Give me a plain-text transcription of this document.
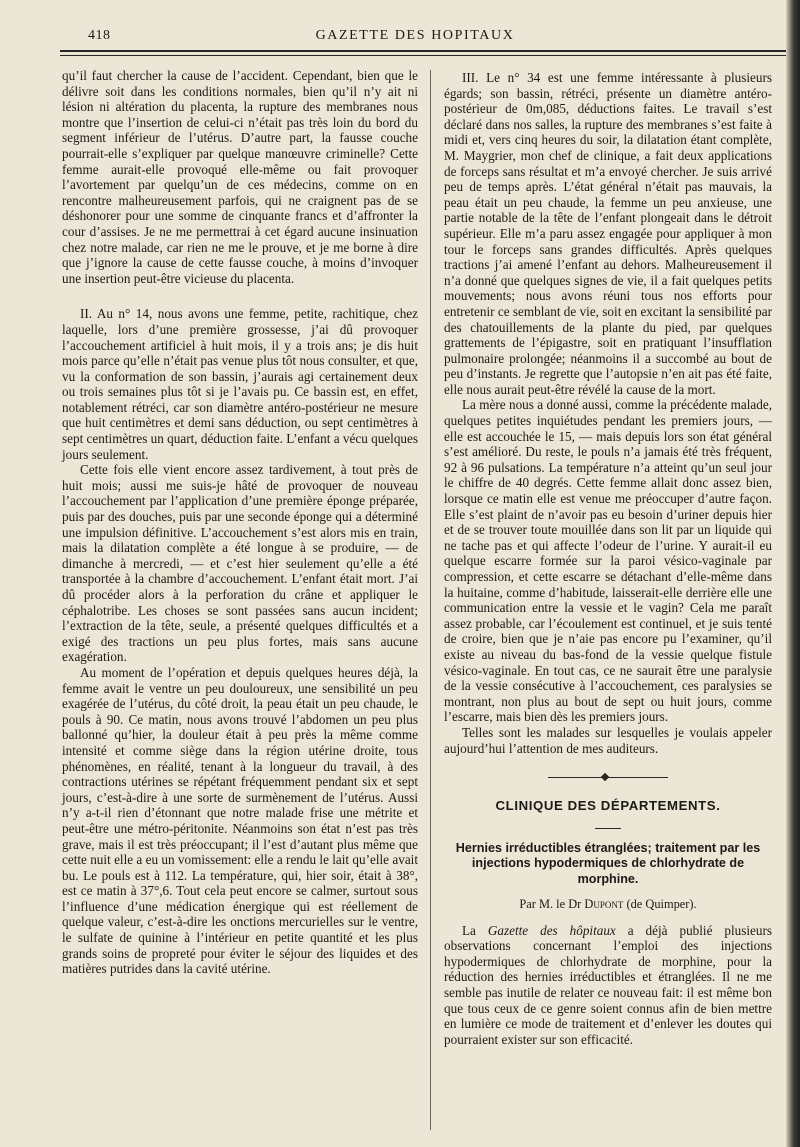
418	GAZETTE DES HOPITAUX

qu’il faut chercher la cause de l’accident. Cependant, bien que le délivre soit dans les conditions normales, bien qu’il n’y ait ni lésion ni altération du placenta, la rupture des membranes nous montre que l’insertion de celui-ci n’était pas très loin du bord du segment inférieur de l’utérus. D’autre part, la fausse couche pourrait-elle s’expliquer par quelque manœuvre criminelle? Cette femme aurait-elle provoqué elle-même ou fait provoquer l’avortement par quelqu’un de ces médecins, comme on en rencontre malheureusement parfois, qui ne craignent pas de se déshonorer pour une somme de cinquante francs et d’affronter la cour d’assises. Je ne me permettrai à cet égard aucune insinuation chez notre malade, car rien ne me le prouve, et je me borne à dire que j’ignore la cause de cette fausse couche, à moins d’invoquer une insertion peut-être vicieuse du placenta.

II. Au n° 14, nous avons une femme, petite, rachitique, chez laquelle, lors d’une première grossesse, j’ai dû provoquer l’accouchement artificiel à huit mois, il y a trois ans; je dis huit mois parce qu’elle n’était pas venue plus tôt nous consulter, et que, vu la conformation de son bassin, j’aurais agi certainement deux ou trois semaines plus tôt si je l’avais pu. Ce bassin est, en effet, notablement rétréci, car son diamètre antéro-postérieur ne mesure que huit centimètres et demi sans déduction, ou sept centimètres à sept centimètres un quart, déduction faite. L’enfant a vécu quelques jours seulement.

Cette fois elle vient encore assez tardivement, à tout près de huit mois; aussi me suis-je hâté de provoquer de nouveau l’accouchement par l’application d’une première éponge préparée, puis par des douches, puis par une seconde éponge qui a déterminé une impulsion définitive. L’accouchement s’est alors mis en train, mais la dilatation complète a été longue à se produire, — de dimanche à mercredi, — et c’est hier seulement qu’elle a été transportée à la chambre d’accouchement. L’enfant était mort. J’ai dû procéder alors à la perforation du crâne et appliquer le céphalotribe. Les choses se sont passées sans aucun incident; l’extraction de la tête, seule, a présenté quelques difficultés et a exigé des tractions un peu plus fortes, mais sans aucune exagération.

Au moment de l’opération et depuis quelques heures déjà, la femme avait le ventre un peu douloureux, une sensibilité un peu exagérée de l’utérus, du côté droit, la peau était un peu chaude, le pouls à 90. Ce matin, nous avons trouvé l’abdomen un peu plus ballonné qu’hier, la douleur était à peu près la même comme intensité et comme siège dans la région utérine droite, tous phénomènes, en réalité, tenant à la longueur du travail, à des contractions utérines se répétant fréquemment pendant six et sept jours, c’est-à-dire à une sorte de surmènement de l’utérus. Aussi n’y a-t-il rien d’étonnant que notre malade frise une métrite et peut-être une métro-péritonite. Néanmoins son état n’est pas très grave, mais il est très préoccupant; il l’est d’autant plus même que cette nuit elle a eu un vomissement: elle a rendu le lait qu’elle avait bu. Le pouls est à 112. La température, qui, hier soir, était à 38°, est ce matin à 37°,6. Tout cela peut encore se calmer, surtout sous l’influence d’une médication énergique qui est réellement de quelque valeur, c’est-à-dire les onctions mercurielles sur le ventre, le sulfate de quinine à l’intérieur en petite quantité et les plus grands soins de propreté pour éviter le séjour des liquides et des matières putrides dans la cavité utérine.

III. Le n° 34 est une femme intéressante à plusieurs égards; son bassin, rétréci, présente un diamètre antéro-postérieur de 0m,085, déductions faites. Le travail s’est déclaré dans nos salles, la rupture des membranes s’est faite à midi et, vers cinq heures du soir, la dilatation étant complète, M. Maygrier, mon chef de clinique, a fait deux applications de forceps sans résultat et m’a envoyé chercher. Je suis arrivé peu de temps après. L’état général n’était pas mauvais, la peau était un peu chaude, la femme un peu anxieuse, une partie notable de la tête de l’enfant plongeait dans le détroit supérieur. Elle m’a paru assez engagée pour appliquer à mon tour le forceps sans grandes difficultés. Après quelques tractions j’ai amené l’enfant au dehors. Malheureusement il n’a donné que quelques signes de vie, il a fait quelques petits mouvements; nous avons réuni tous nos efforts pour entretenir ce semblant de vie, soit en excitant la sensibilité par des chatouillements de la plante du pied, par quelques grattements de l’épigastre, soit en pratiquant l’insufflation pulmonaire prolongée; néanmoins il a succombé au bout de peu d’instants. Je regrette que l’autopsie n’en ait pas été faite, elle nous aurait peut-être révélé la cause de la mort.

La mère nous a donné aussi, comme la précédente malade, quelques petites inquiétudes pendant les premiers jours, — elle est accouchée le 15, — mais depuis lors son état général s’est amélioré. Du reste, le pouls n’a jamais été très fréquent, 92 à 96 pulsations. La température n’a atteint qu’un seul jour le chiffre de 40 degrés. Cette femme allait donc assez bien, lorsque ce matin elle est venue me préoccuper d’autre façon. Elle s’est plaint de n’avoir pas eu besoin d’uriner depuis hier et de se trouver toute mouillée dans son lit par un liquide qui ne tache pas et qui affecte l’odeur de l’urine. Y aurait-il eu quelque escarre formée sur la paroi vésico-vaginale par compression, et cette escarre se détachant d’elle-même dans la huitaine, comme d’habitude, laisserait-elle derrière elle une communication entre la vessie et le vagin? Cela me paraît assez probable, car l’écoulement est continuel, et je suis tenté de croire, bien que je n’aie pas encore pu l’examiner, qu’il existe au niveau du bas-fond de la vessie quelque fistule vésico-vaginale. En tout cas, ce ne saurait être une paralysie de la vessie consécutive à l’accouchement, ces paralysies se montrant, non plus au bout de sept ou huit jours, comme l’escarre, mais bien dès les premiers jours.

Telles sont les malades sur lesquelles je voulais appeler aujourd’hui l’attention de mes auditeurs.

CLINIQUE DES DÉPARTEMENTS.
Hernies irréductibles étranglées; traitement par les injections hypodermiques de chlorhydrate de morphine.
Par M. le Dr Dupont (de Quimper).

La Gazette des hôpitaux a déjà publié plusieurs observations concernant l’emploi des injections hypodermiques de chlorhydrate de morphine, pour la réduction des hernies irréductibles et étranglées. Il ne me semble pas inutile de relater ce nouveau fait: il est même bon que tous ceux de ce genre soient connus afin de bien mettre en lumière ce mode de traitement et d’enlever les doutes qui pourraient exister sur son efficacité.
